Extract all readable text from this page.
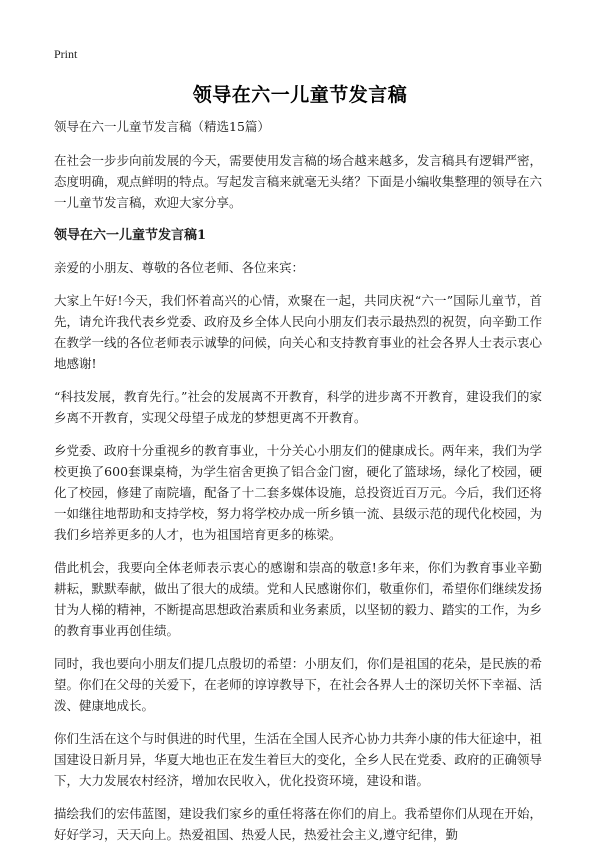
Print
领导在六一儿童节发言稿

领导在六一儿童节发言稿（精选15篇）

在社会一步步向前发展的今天，需要使用发言稿的场合越来越多，发言稿具有逻辑严密，态度明确，观点鲜明的特点。写起发言稿来就毫无头绪？下面是小编收集整理的领导在六一儿童节发言稿，欢迎大家分享。

领导在六一儿童节发言稿1

亲爱的小朋友、尊敬的各位老师、各位来宾：

大家上午好!今天，我们怀着高兴的心情，欢聚在一起，共同庆祝“六一”国际儿童节，首先，请允许我代表乡党委、政府及乡全体人民向小朋友们表示最热烈的祝贺，向辛勤工作在教学一线的各位老师表示诚挚的问候，向关心和支持教育事业的社会各界人士表示衷心地感谢!

“科技发展，教育先行。”社会的发展离不开教育，科学的进步离不开教育，建设我们的家乡离不开教育，实现父母望子成龙的梦想更离不开教育。

乡党委、政府十分重视乡的教育事业，十分关心小朋友们的健康成长。两年来，我们为学校更换了600套课桌椅，为学生宿舍更换了铝合金门窗，硬化了篮球场，绿化了校园，硬化了校园，修建了南院墙，配备了十二套多媒体设施，总投资近百万元。今后，我们还将一如继往地帮助和支持学校，努力将学校办成一所乡镇一流、县级示范的现代化校园，为我们乡培养更多的人才，也为祖国培育更多的栋梁。

借此机会，我要向全体老师表示衷心的感谢和崇高的敬意!多年来，你们为教育事业辛勤耕耘，默默奉献，做出了很大的成绩。党和人民感谢你们，敬重你们，希望你们继续发扬甘为人梯的精神，不断提高思想政治素质和业务素质，以坚韧的毅力、踏实的工作，为乡的教育事业再创佳绩。

同时，我也要向小朋友们提几点殷切的希望：小朋友们，你们是祖国的花朵，是民族的希望。你们在父母的关爱下，在老师的谆谆教导下，在社会各界人士的深切关怀下幸福、活泼、健康地成长。

你们生活在这个与时俱进的时代里，生活在全国人民齐心协力共奔小康的伟大征途中，祖国建设日新月异，华夏大地也正在发生着巨大的变化，全乡人民在党委、政府的正确领导下，大力发展农村经济，增加农民收入，优化投资环境，建设和谐。

描绘我们的宏伟蓝图，建设我们家乡的重任将落在你们的肩上。我希望你们从现在开始，好好学习，天天向上。热爱祖国、热爱人民，热爱社会主义,遵守纪律，勤
